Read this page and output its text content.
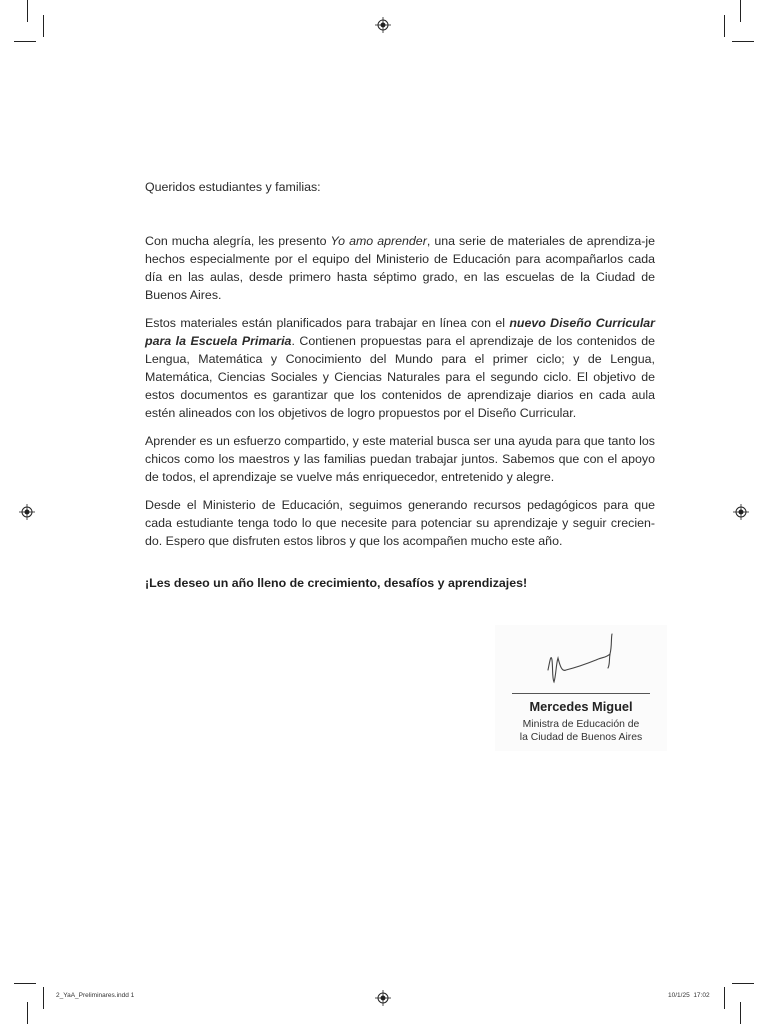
Queridos estudiantes y familias:

Con mucha alegría, les presento Yo amo aprender, una serie de materiales de aprendiza-je hechos especialmente por el equipo del Ministerio de Educación para acompañarlos cada día en las aulas, desde primero hasta séptimo grado, en las escuelas de la Ciudad de Buenos Aires.

Estos materiales están planificados para trabajar en línea con el nuevo Diseño Curricular para la Escuela Primaria. Contienen propuestas para el aprendizaje de los contenidos de Lengua, Matemática y Conocimiento del Mundo para el primer ciclo; y de Lengua, Matemática, Ciencias Sociales y Ciencias Naturales para el segundo ciclo. El objetivo de estos documentos es garantizar que los contenidos de aprendizaje diarios en cada aula estén alineados con los objetivos de logro propuestos por el Diseño Curricular.

Aprender es un esfuerzo compartido, y este material busca ser una ayuda para que tanto los chicos como los maestros y las familias puedan trabajar juntos. Sabemos que con el apoyo de todos, el aprendizaje se vuelve más enriquecedor, entretenido y alegre.

Desde el Ministerio de Educación, seguimos generando recursos pedagógicos para que cada estudiante tenga todo lo que necesite para potenciar su aprendizaje y seguir crecien-do. Espero que disfruten estos libros y que los acompañen mucho este año.

¡Les deseo un año lleno de crecimiento, desafíos y aprendizajes!

Mercedes Miguel
Ministra de Educación de
la Ciudad de Buenos Aires
2_YaA_Preliminares.indd 1	10/1/25 17:02
